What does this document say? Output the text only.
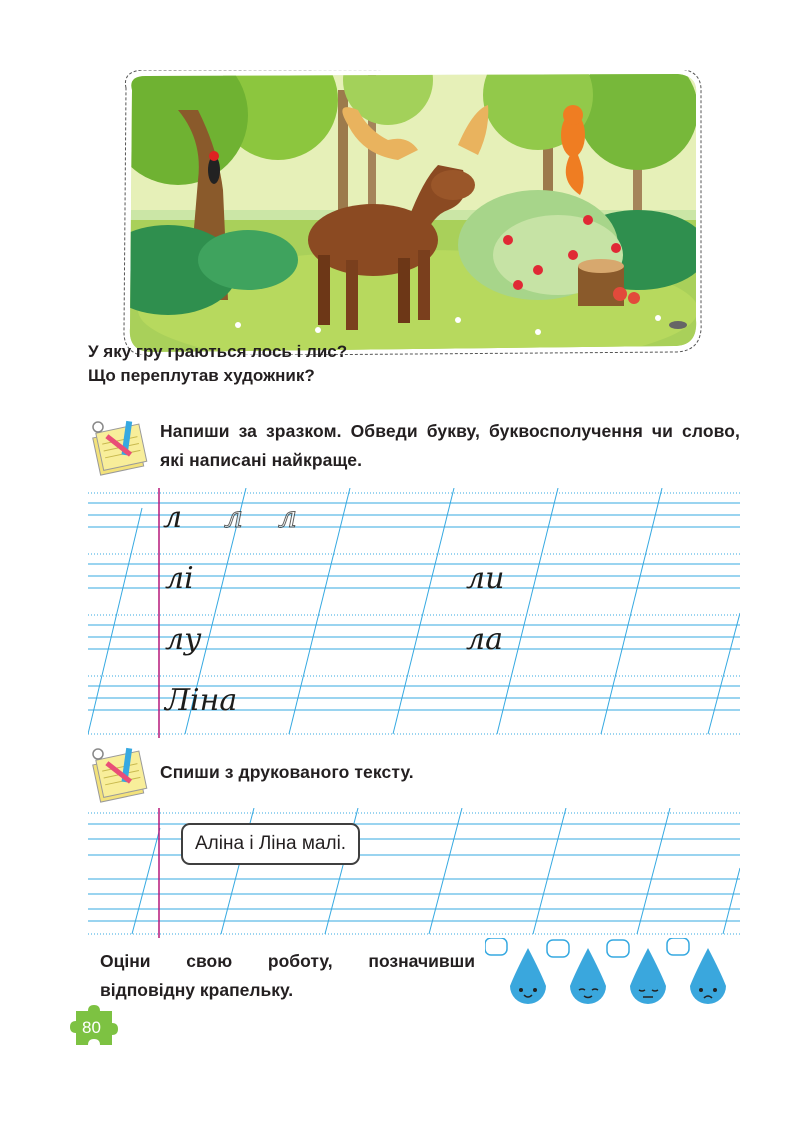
У яку гру граються лось і лис?
Що переплутав художник?
Напиши за зразком. Обведи букву, буквосполучення чи слово, які написані найкраще.
л л л
лі	ли
лу	ла
Ліна
Спиши з друкованого тексту.
Аліна і Ліна малі.
Оціни свою роботу, позначивши відповідну крапельку.
80
